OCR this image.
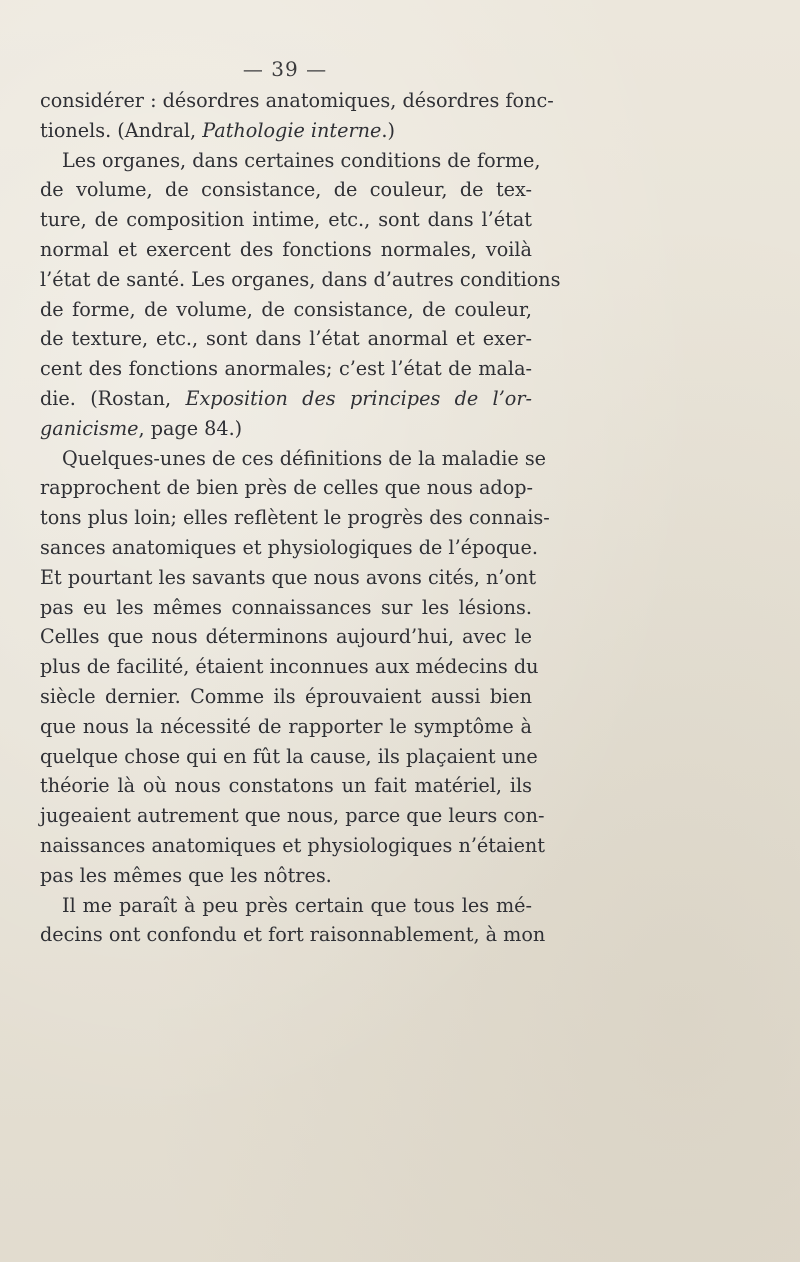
— 39 —
considérer : désordres anatomiques, désordres fonc-
tionels. (Andral, Pathologie interne.)
Les organes, dans certaines conditions de forme,
de volume, de consistance, de couleur, de tex-
ture, de composition intime, etc., sont dans l’état
normal et exercent des fonctions normales, voilà
l’état de santé. Les organes, dans d’autres conditions
de forme, de volume, de consistance, de couleur,
de texture, etc., sont dans l’état anormal et exer-
cent des fonctions anormales; c’est l’état de mala-
die. (Rostan, Exposition des principes de l’or-
ganicisme, page 84.)
Quelques-unes de ces définitions de la maladie se
rapprochent de bien près de celles que nous adop-
tons plus loin; elles reflètent le progrès des connais-
sances anatomiques et physiologiques de l’époque.
Et pourtant les savants que nous avons cités, n’ont
pas eu les mêmes connaissances sur les lésions.
Celles que nous déterminons aujourd’hui, avec le
plus de facilité, étaient inconnues aux médecins du
siècle dernier. Comme ils éprouvaient aussi bien
que nous la nécessité de rapporter le symptôme à
quelque chose qui en fût la cause, ils plaçaient une
théorie là où nous constatons un fait matériel, ils
jugeaient autrement que nous, parce que leurs con-
naissances anatomiques et physiologiques n’étaient
pas les mêmes que les nôtres.
Il me paraît à peu près certain que tous les mé-
decins ont confondu et fort raisonnablement, à mon
